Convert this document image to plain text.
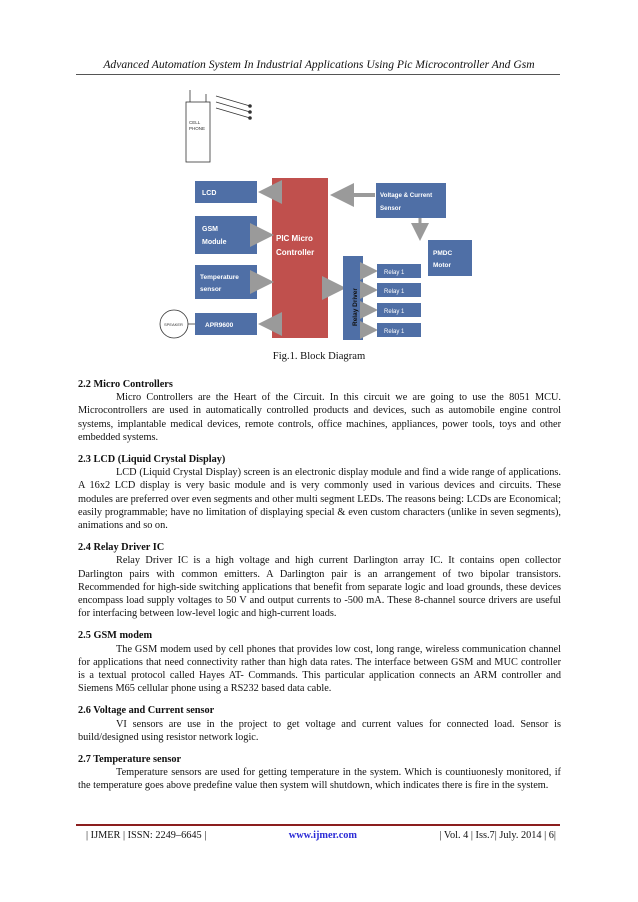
Advanced Automation System In Industrial Applications Using Pic Microcontroller And Gsm
CELL
PHONE
LCD
GSM
Module
Temperature
sensor
APR9600
SPEAKER
PIC Micro
Controller
Voltage & Current
Sensor
PMDC
Motor
Relay Driver
Relay 1
Relay 1
Relay 1
Relay 1
Fig.1. Block Diagram
2.2 Micro Controllers

Micro Controllers are the Heart of the Circuit. In this circuit we are going to use the 8051 MCU. Microcontrollers are used in automatically controlled products and devices, such as automobile engine control systems, implantable medical devices, remote controls, office machines, appliances, power tools, toys and other embedded systems.

2.3 LCD (Liquid Crystal Display)

LCD (Liquid Crystal Display) screen is an electronic display module and find a wide range of applications. A 16x2 LCD display is very basic module and is very commonly used in various devices and circuits. These modules are preferred over even segments and other multi segment LEDs. The reasons being: LCDs are Economical; easily programmable; have no limitation of displaying special & even custom characters (unlike in seven segments), animations and so on.

2.4 Relay Driver IC

Relay Driver IC is a high voltage and high current Darlington array IC. It contains open collector Darlington pairs with common emitters. A Darlington pair is an arrangement of two bipolar transistors. Recommended for high-side switching applications that benefit from separate logic and load grounds, these devices encompass load supply voltages to 50 V and output currents to -500 mA. These 8-channel source drivers are useful for interfacing between low-level logic and high-current loads.

2.5 GSM modem

The GSM modem used by cell phones that provides low cost, long range, wireless communication channel for applications that need connectivity rather than high data rates. The interface between GSM and MUC controller is a textual protocol called Hayes AT- Commands. This particular application connects an ARM controller and Siemens M65 cellular phone using a RS232 based data cable.

2.6 Voltage and Current sensor

VI sensors are use in the project to get voltage and current values for connected load. Sensor is build/designed using resistor network logic.

2.7 Temperature sensor

Temperature sensors are used for getting temperature in the system. Which is countiuonesly monitored, if the temperature goes above predefine value then system will shutdown, which indicates there is fire in the system.

| IJMER | ISSN: 2249–6645 |	www.ijmer.com	| Vol. 4 | Iss.7| July. 2014 | 6|
